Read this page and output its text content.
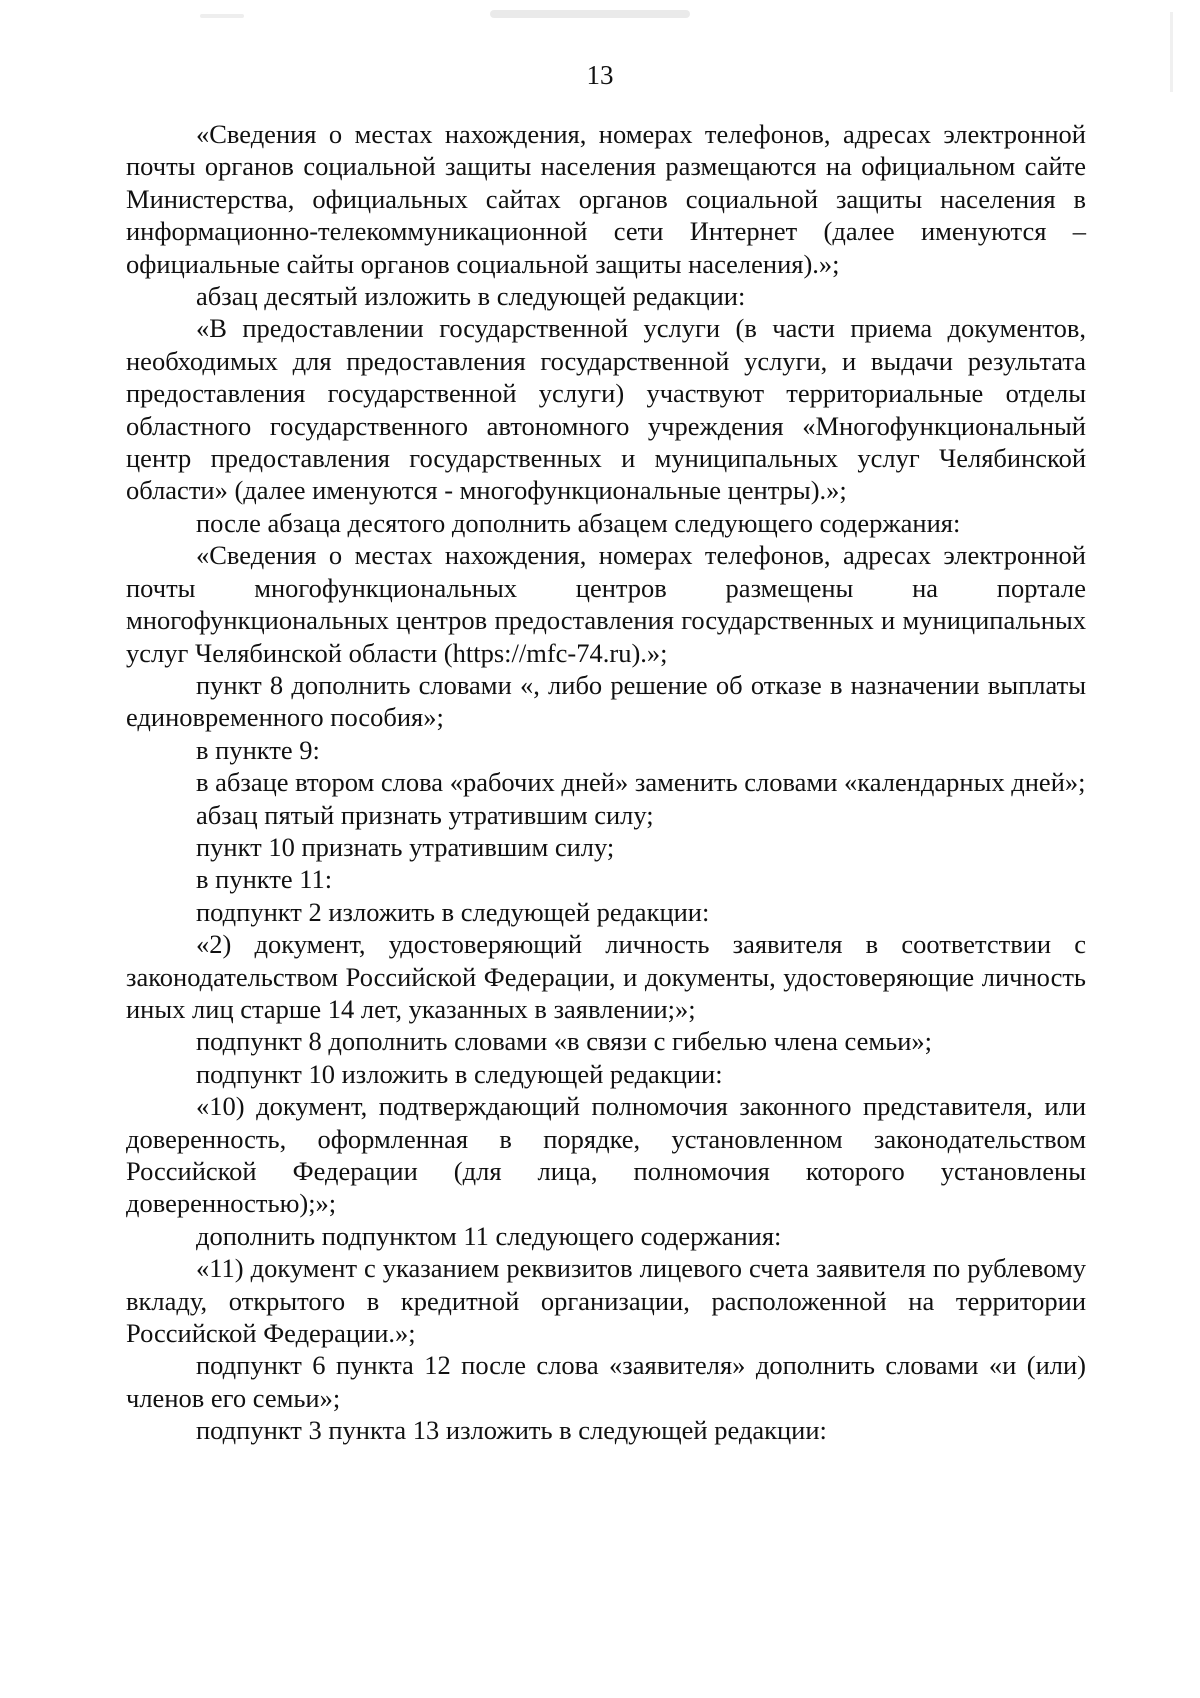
13

«Сведения о местах нахождения, номерах телефонов, адресах электронной почты органов социальной защиты населения размещаются на официальном сайте Министерства, официальных сайтах органов социальной защиты населения в информационно-телекоммуникационной сети Интернет (далее именуются – официальные сайты органов социальной защиты населения).»;

абзац десятый изложить в следующей редакции:

«В предоставлении государственной услуги (в части приема документов, необходимых для предоставления государственной услуги, и выдачи результата предоставления государственной услуги) участвуют территориальные отделы областного государственного автономного учреждения «Многофункциональный центр предоставления государственных и муниципальных услуг Челябинской области» (далее именуются - многофункциональные центры).»;

после абзаца десятого дополнить абзацем следующего содержания:

«Сведения о местах нахождения, номерах телефонов, адресах электронной почты многофункциональных центров размещены на портале многофункциональных центров предоставления государственных и муниципальных услуг Челябинской области (https://mfc-74.ru).»;

пункт 8 дополнить словами «, либо решение об отказе в назначении выплаты единовременного пособия»;

в пункте 9:

в абзаце втором слова «рабочих дней» заменить словами «календарных дней»;

абзац пятый признать утратившим силу;

пункт 10 признать утратившим силу;

в пункте 11:

подпункт 2 изложить в следующей редакции:

«2) документ, удостоверяющий личность заявителя в соответствии с законодательством Российской Федерации, и документы, удостоверяющие личность иных лиц старше 14 лет, указанных в заявлении;»;

подпункт 8 дополнить словами «в связи с гибелью члена семьи»;

подпункт 10 изложить в следующей редакции:

«10) документ, подтверждающий полномочия законного представителя, или доверенность, оформленная в порядке, установленном законодательством Российской Федерации (для лица, полномочия которого установлены доверенностью);»;

дополнить подпунктом 11 следующего содержания:

«11) документ с указанием реквизитов лицевого счета заявителя по рублевому вкладу, открытого в кредитной организации, расположенной на территории Российской Федерации.»;

подпункт 6 пункта 12 после слова «заявителя» дополнить словами «и (или) членов его семьи»;

подпункт 3 пункта 13 изложить в следующей редакции:
